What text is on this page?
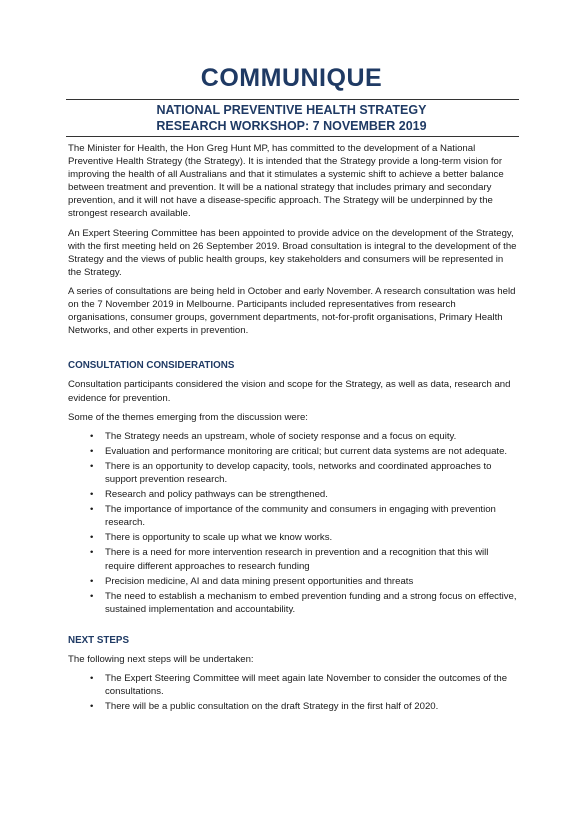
COMMUNIQUE
NATIONAL PREVENTIVE HEALTH STRATEGY
RESEARCH WORKSHOP: 7 NOVEMBER 2019

The Minister for Health, the Hon Greg Hunt MP, has committed to the development of a National Preventive Health Strategy (the Strategy). It is intended that the Strategy provide a long-term vision for improving the health of all Australians and that it stimulates a systemic shift to achieve a better balance between treatment and prevention. It will be a national strategy that includes primary and secondary prevention, and it will not have a disease-specific approach. The Strategy will be underpinned by the strongest research available.

An Expert Steering Committee has been appointed to provide advice on the development of the Strategy, with the first meeting held on 26 September 2019. Broad consultation is integral to the development of the Strategy and the views of public health groups, key stakeholders and consumers will be represented in the Strategy.

A series of consultations are being held in October and early November. A research consultation was held on the 7 November 2019 in Melbourne. Participants included representatives from research organisations, consumer groups, government departments, not-for-profit organisations, Primary Health Networks, and other experts in prevention.

CONSULTATION CONSIDERATIONS

Consultation participants considered the vision and scope for the Strategy, as well as data, research and evidence for prevention.

Some of the themes emerging from the discussion were:

• The Strategy needs an upstream, whole of society response and a focus on equity.
• Evaluation and performance monitoring are critical; but current data systems are not adequate.
• There is an opportunity to develop capacity, tools, networks and coordinated approaches to support prevention research.
• Research and policy pathways can be strengthened.
• The importance of importance of the community and consumers in engaging with prevention research.
• There is opportunity to scale up what we know works.
• There is a need for more intervention research in prevention and a recognition that this will require different approaches to research funding
• Precision medicine, AI and data mining present opportunities and threats
• The need to establish a mechanism to embed prevention funding and a strong focus on effective, sustained implementation and accountability.
NEXT STEPS

The following next steps will be undertaken:

• The Expert Steering Committee will meet again late November to consider the outcomes of the consultations.
• There will be a public consultation on the draft Strategy in the first half of 2020.
